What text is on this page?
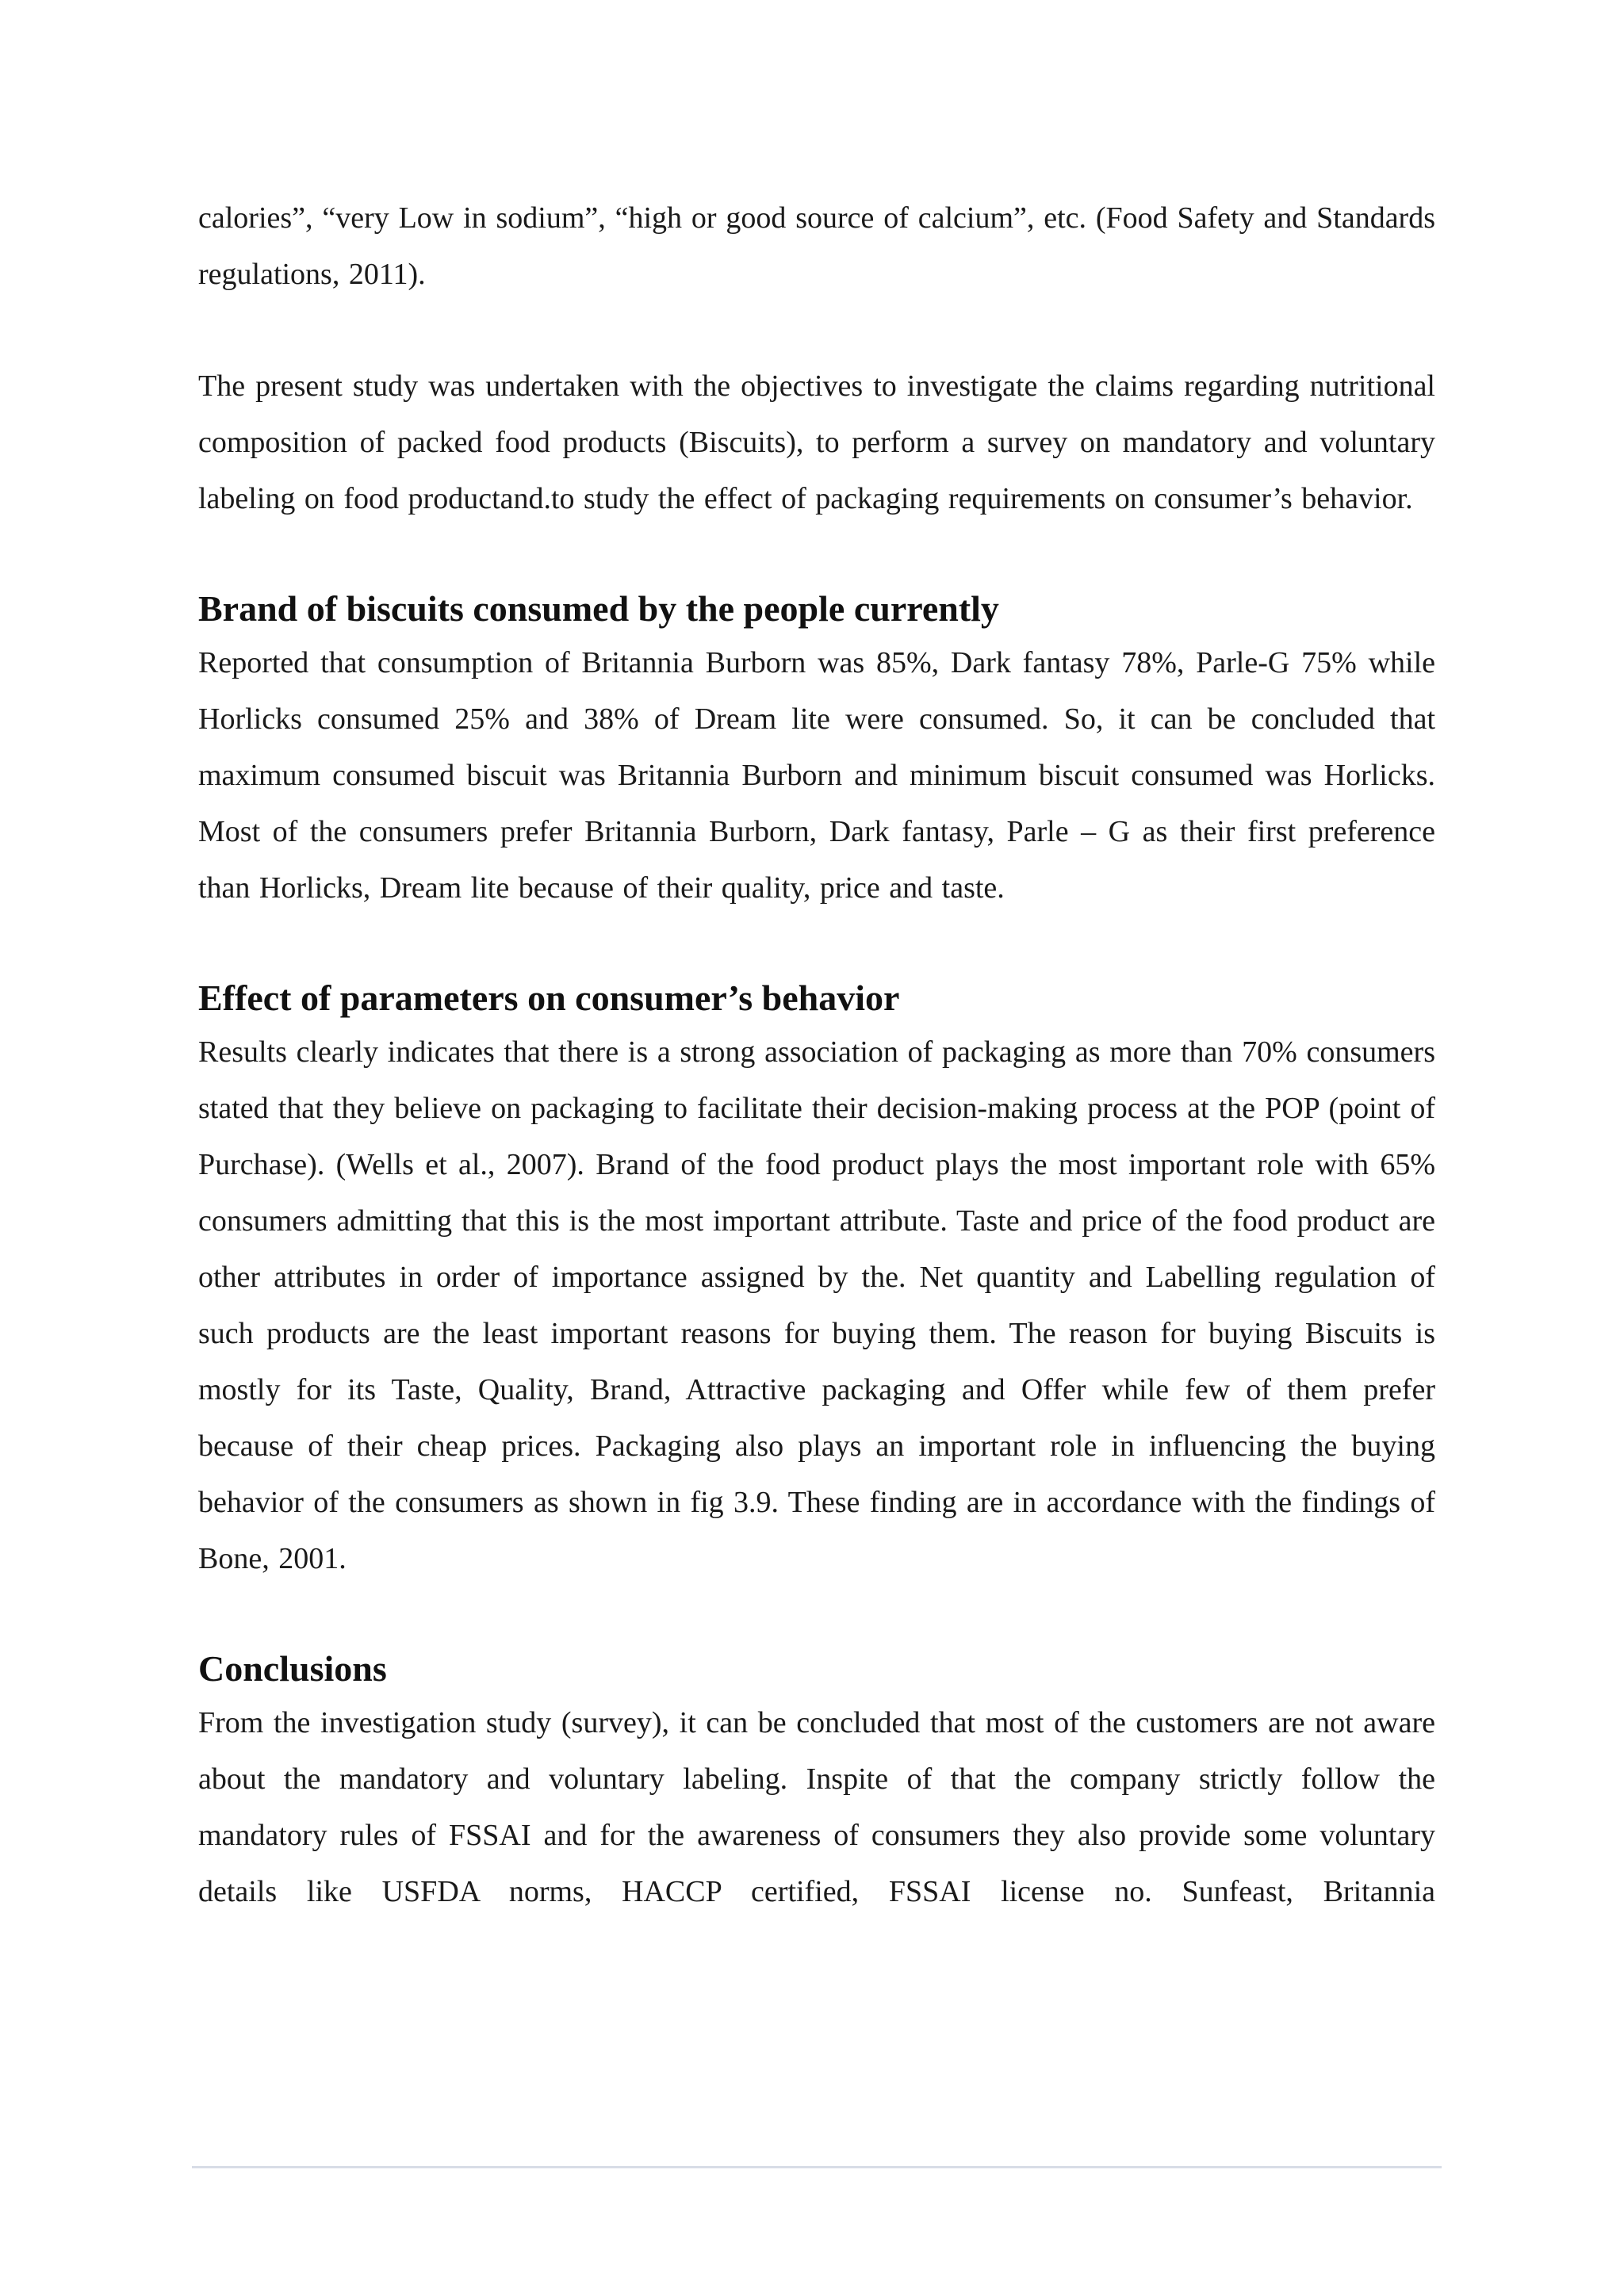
calories”, “very Low in sodium”, “high or good source of calcium”, etc. (Food Safety and Standards regulations, 2011).

The present study was undertaken with the objectives to investigate the claims regarding nutritional composition of packed food products (Biscuits), to perform a survey on mandatory and voluntary labeling on food productand.to study the effect of packaging requirements on consumer’s behavior.

Brand of biscuits consumed by the people currently

Reported that consumption of Britannia Burborn was 85%, Dark fantasy 78%, Parle-G 75% while Horlicks consumed 25% and 38% of Dream lite were consumed. So, it can be concluded that maximum consumed biscuit was Britannia Burborn and minimum biscuit consumed was Horlicks. Most of the consumers prefer Britannia Burborn, Dark fantasy, Parle – G as their first preference than Horlicks, Dream lite because of their quality, price and taste.

Effect of parameters on consumer’s behavior

Results clearly indicates that there is a strong association of packaging as more than 70% consumers stated that they believe on packaging to facilitate their decision-making process at the POP (point of Purchase). (Wells et al., 2007). Brand of the food product plays the most important role with 65% consumers admitting that this is the most important attribute. Taste and price of the food product are other attributes in order of importance assigned by the. Net quantity and Labelling regulation of such products are the least important reasons for buying them. The reason for buying Biscuits is mostly for its Taste, Quality, Brand, Attractive packaging and Offer while few of them prefer because of their cheap prices. Packaging also plays an important role in influencing the buying behavior of the consumers as shown in fig 3.9. These finding are in accordance with the findings of Bone, 2001.

Conclusions

From the investigation study (survey), it can be concluded that most of the customers are not aware about the mandatory and voluntary labeling. Inspite of that the company strictly follow the mandatory rules of FSSAI and for the awareness of consumers they also provide some voluntary details like USFDA norms, HACCP certified, FSSAI license no. Sunfeast, Britannia
